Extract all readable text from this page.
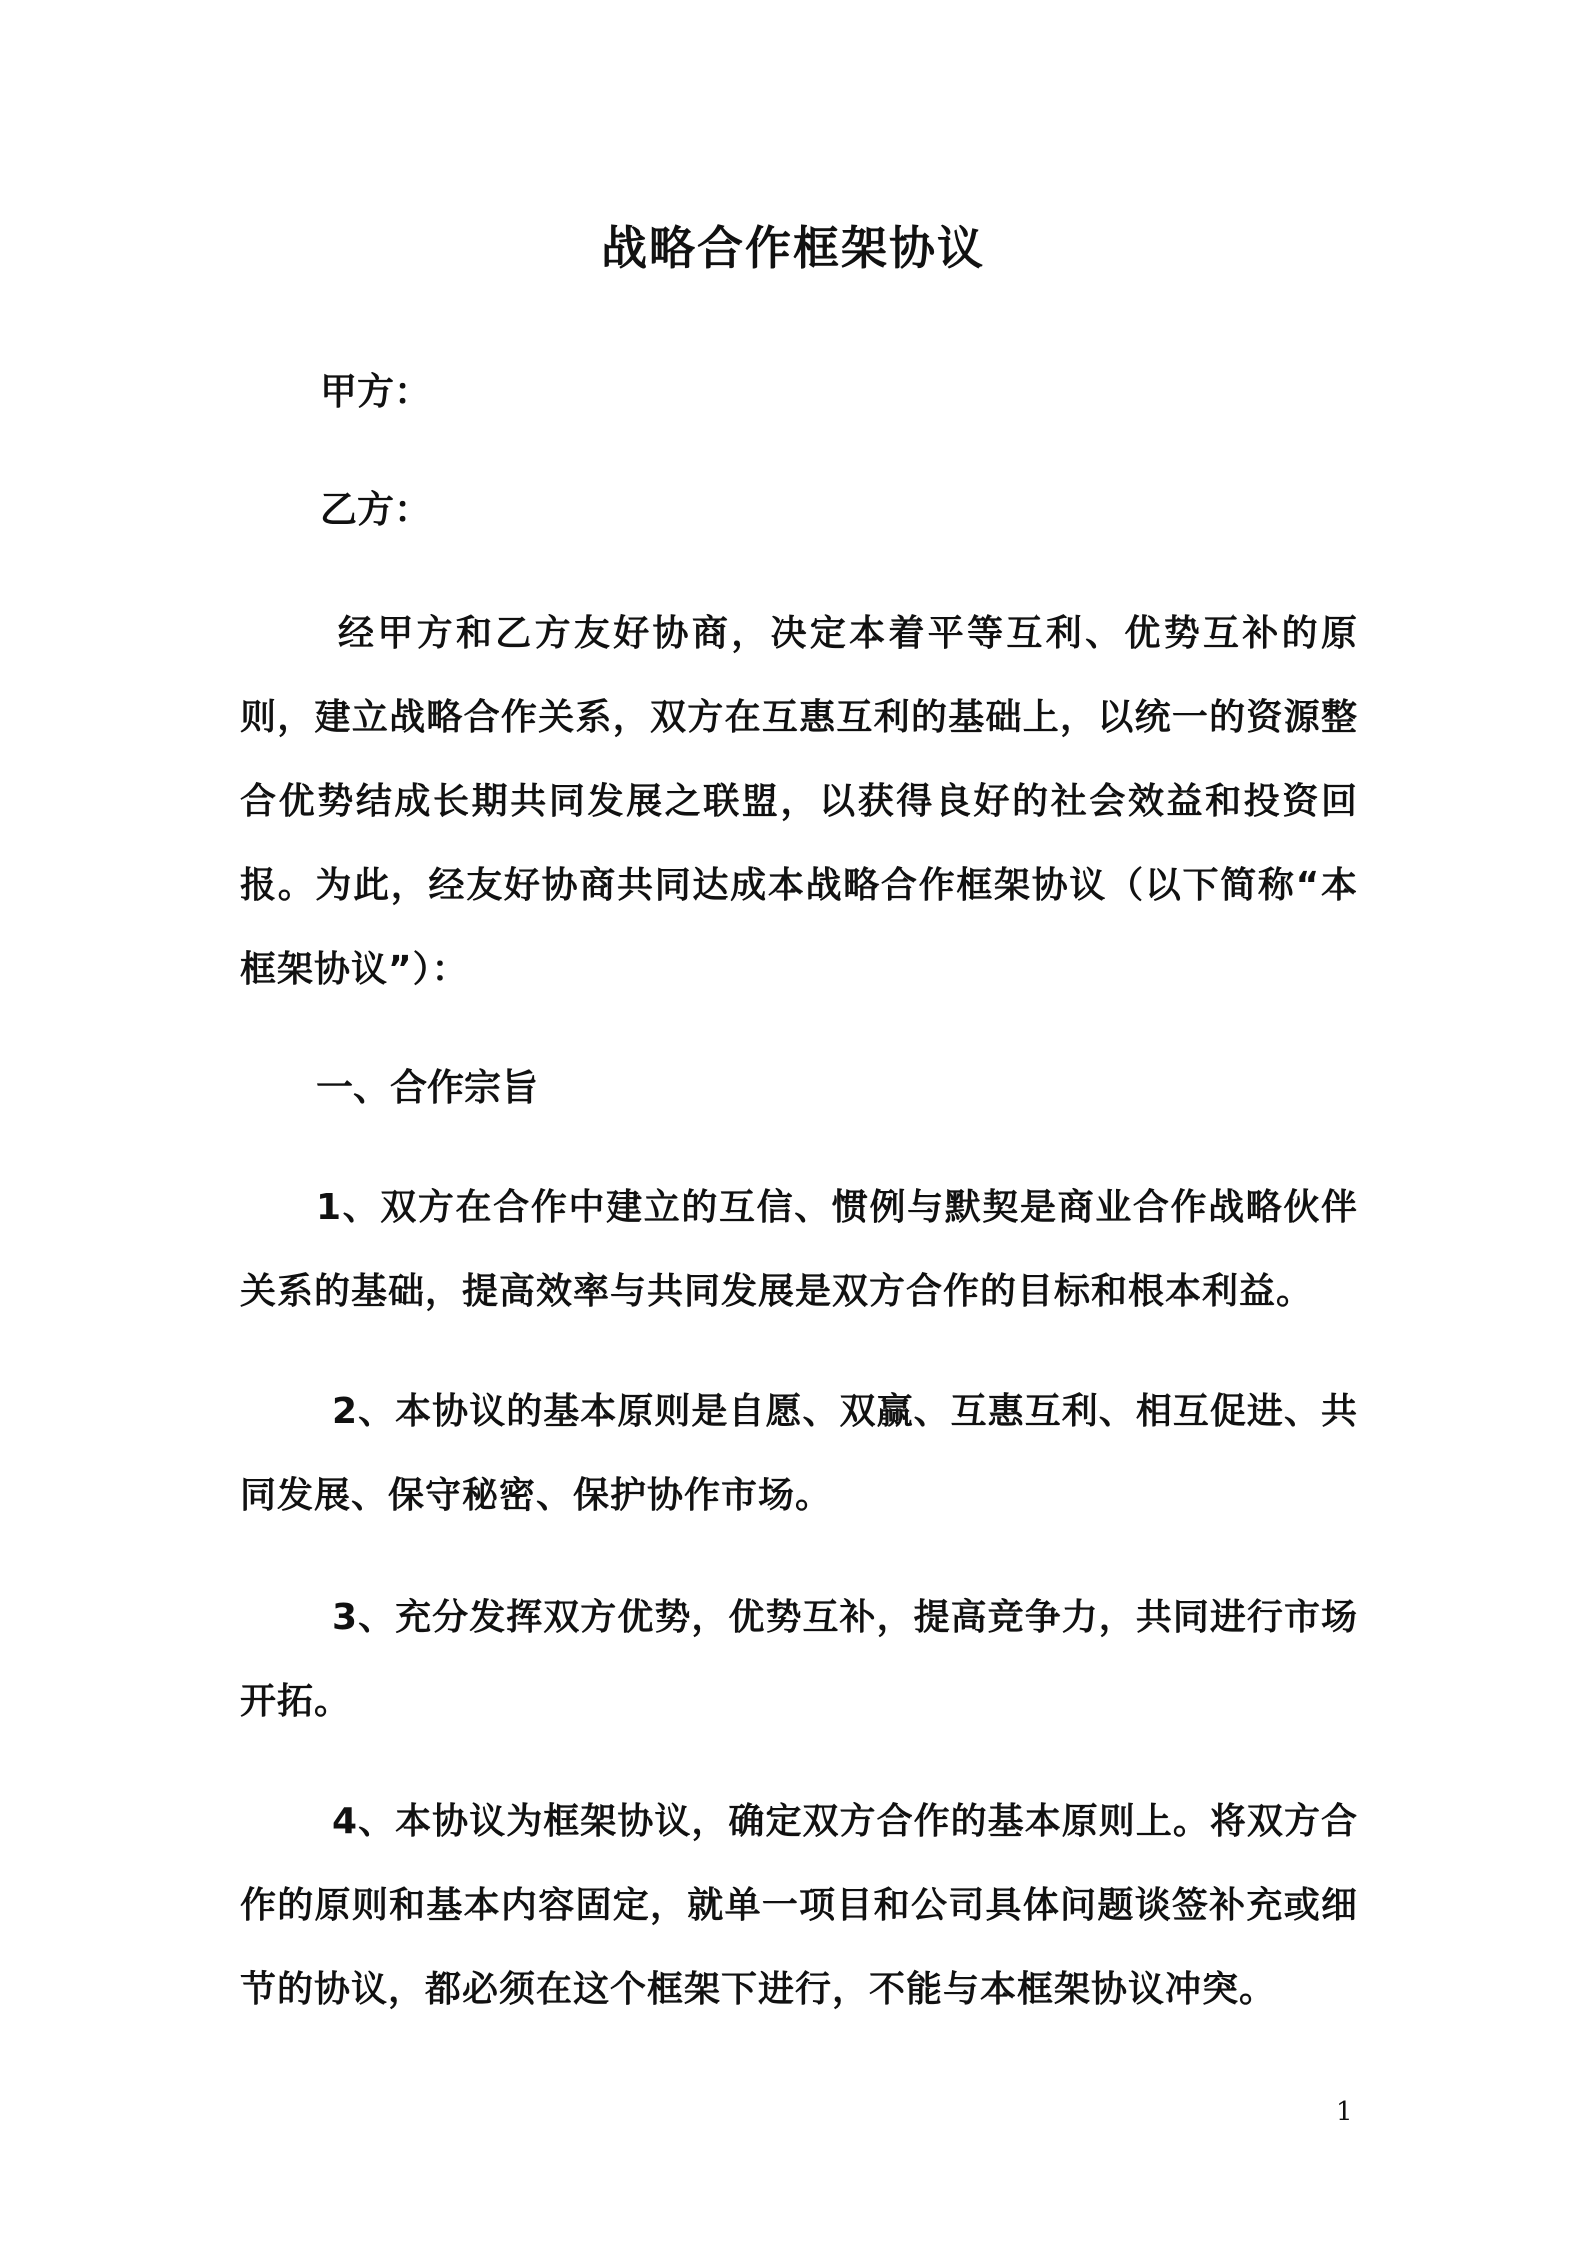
战略合作框架协议
甲方：
乙方：
经甲方和乙方友好协商，决定本着平等互利、优势互补的原则，建立战略合作关系，双方在互惠互利的基础上，以统一的资源整合优势结成长期共同发展之联盟，以获得良好的社会效益和投资回报。为此，经友好协商共同达成本战略合作框架协议（以下简称“本框架协议”）：
一、合作宗旨
1、双方在合作中建立的互信、惯例与默契是商业合作战略伙伴关系的基础，提高效率与共同发展是双方合作的目标和根本利益。
2、本协议的基本原则是自愿、双赢、互惠互利、相互促进、共同发展、保守秘密、保护协作市场。
3、充分发挥双方优势，优势互补，提高竞争力，共同进行市场开拓。
4、本协议为框架协议，确定双方合作的基本原则上。将双方合作的原则和基本内容固定，就单一项目和公司具体问题谈签补充或细节的协议，都必须在这个框架下进行，不能与本框架协议冲突。
1
